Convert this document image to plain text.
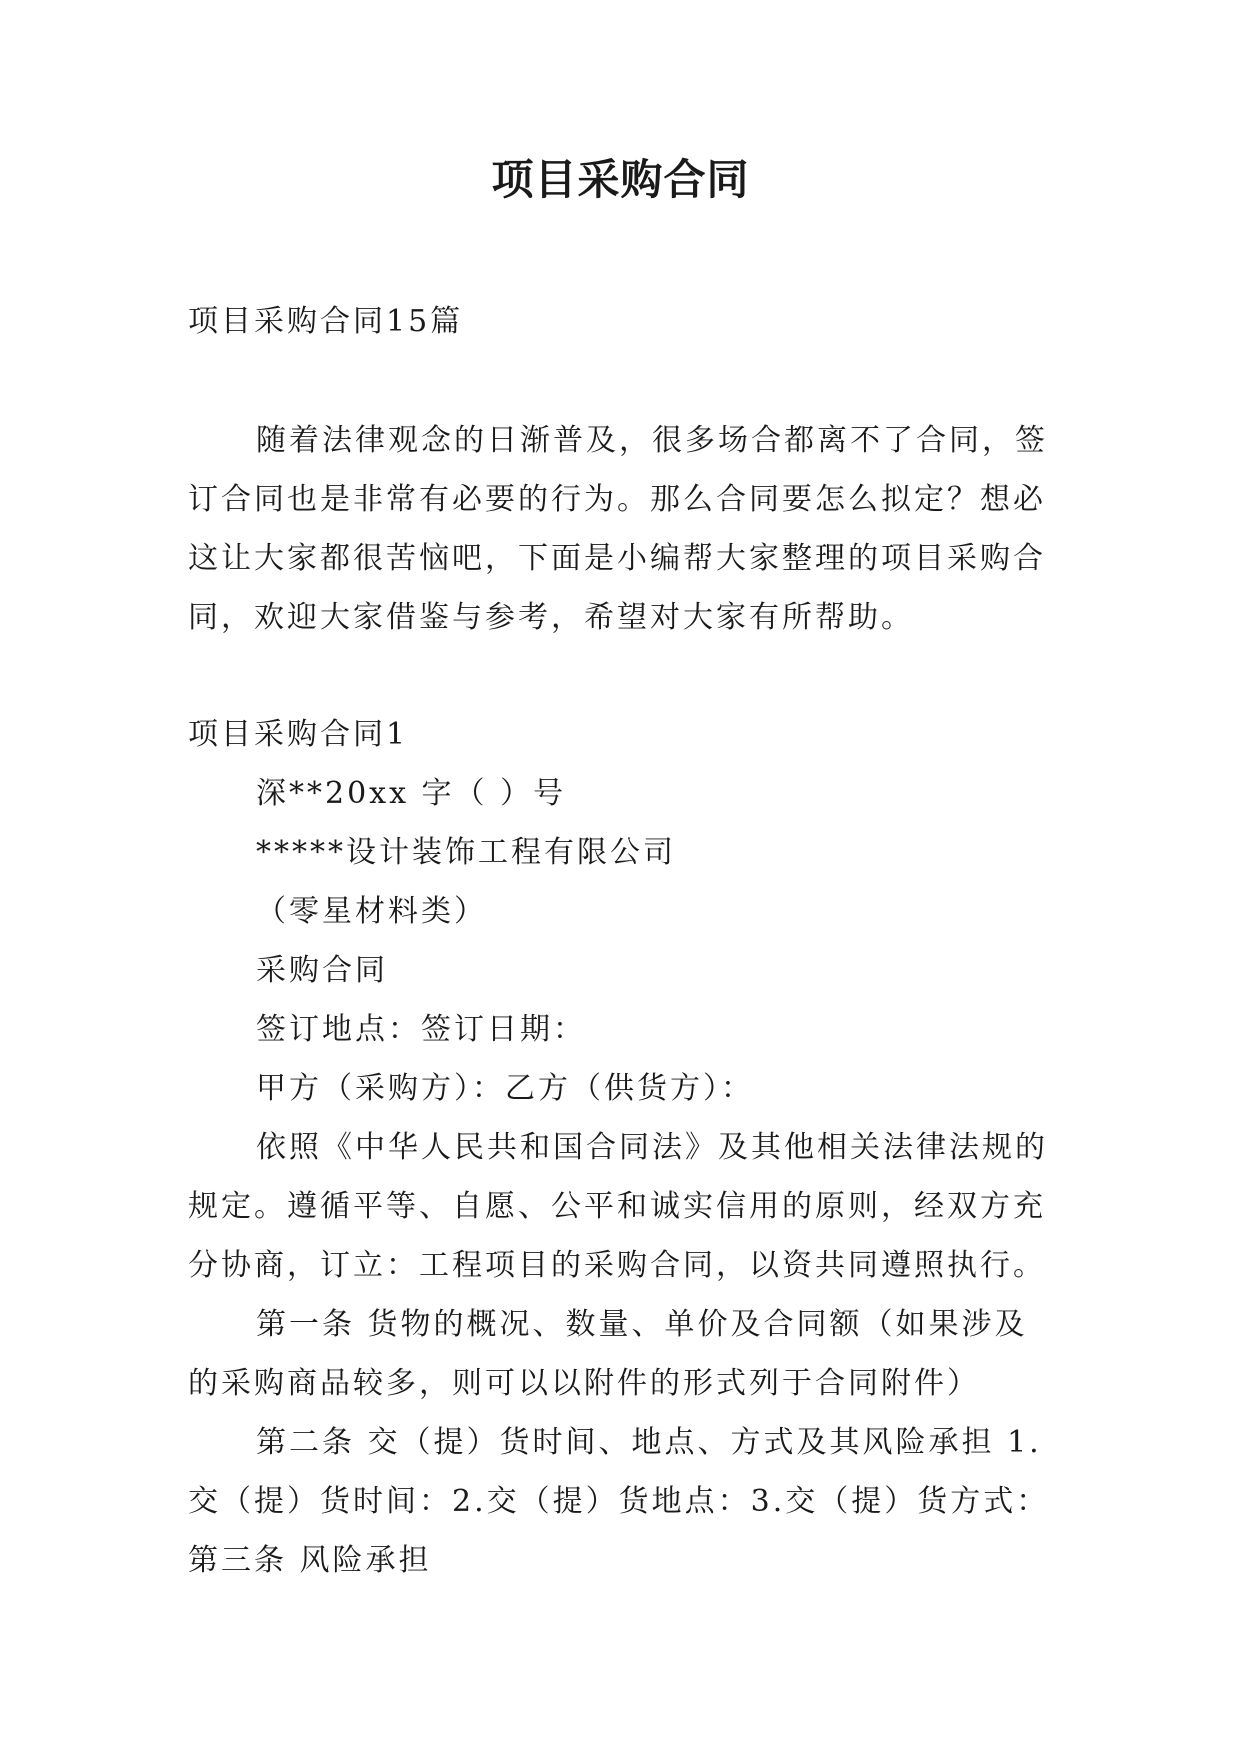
项目采购合同

项目采购合同15篇

随着法律观念的日渐普及，很多场合都离不了合同，签

订合同也是非常有必要的行为。那么合同要怎么拟定？想必

这让大家都很苦恼吧，下面是小编帮大家整理的项目采购合

同，欢迎大家借鉴与参考，希望对大家有所帮助。

项目采购合同1

深**20xx 字（ ）号

*****设计装饰工程有限公司

（零星材料类）

采购合同

签订地点：签订日期：

甲方（采购方）：乙方（供货方）：

依照《中华人民共和国合同法》及其他相关法律法规的

规定。遵循平等、自愿、公平和诚实信用的原则，经双方充

分协商，订立：工程项目的采购合同，以资共同遵照执行。

第一条 货物的概况、数量、单价及合同额（如果涉及

的采购商品较多，则可以以附件的形式列于合同附件）

第二条 交（提）货时间、地点、方式及其风险承担 1.

交（提）货时间：2.交（提）货地点：3.交（提）货方式：

第三条 风险承担
